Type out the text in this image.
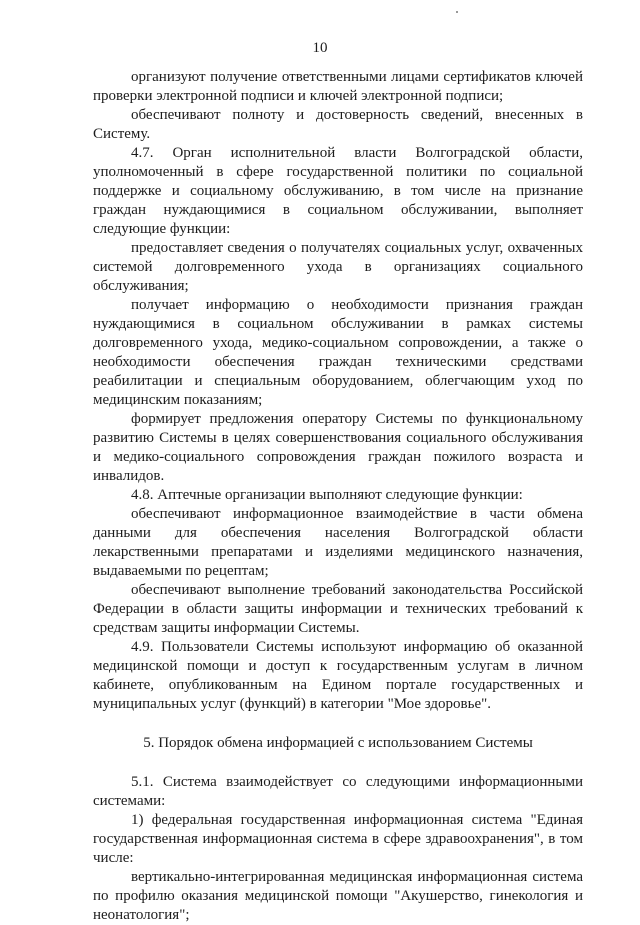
10

организуют получение ответственными лицами сертификатов ключей проверки электронной подписи и ключей электронной подписи;

обеспечивают полноту и достоверность сведений, внесенных в Систему.

4.7. Орган исполнительной власти Волгоградской области, уполномоченный в сфере государственной политики по социальной поддержке и социальному обслуживанию, в том числе на признание граждан нуждающимися в социальном обслуживании, выполняет следующие функции:

предоставляет сведения о получателях социальных услуг, охваченных системой долговременного ухода в организациях социального обслуживания;

получает информацию о необходимости признания граждан нуждающимися в социальном обслуживании в рамках системы долговременного ухода, медико-социальном сопровождении, а также о необходимости обеспечения граждан техническими средствами реабилитации и специальным оборудованием, облегчающим уход по медицинским показаниям;

формирует предложения оператору Системы по функциональному развитию Системы в целях совершенствования социального обслуживания и медико-социального сопровождения граждан пожилого возраста и инвалидов.

4.8. Аптечные организации выполняют следующие функции:

обеспечивают информационное взаимодействие в части обмена данными для обеспечения населения Волгоградской области лекарственными препаратами и изделиями медицинского назначения, выдаваемыми по рецептам;

обеспечивают выполнение требований законодательства Российской Федерации в области защиты информации и технических требований к средствам защиты информации Системы.

4.9. Пользователи Системы используют информацию об оказанной медицинской помощи и доступ к государственным услугам в личном кабинете, опубликованным на Едином портале государственных и муниципальных услуг (функций) в категории "Мое здоровье".

5. Порядок обмена информацией с использованием Системы

5.1. Система взаимодействует со следующими информационными системами:

1) федеральная государственная информационная система "Единая государственная информационная система в сфере здравоохранения", в том числе:

вертикально-интегрированная медицинская информационная система по профилю оказания медицинской помощи "Акушерство, гинекология и неонатология";
